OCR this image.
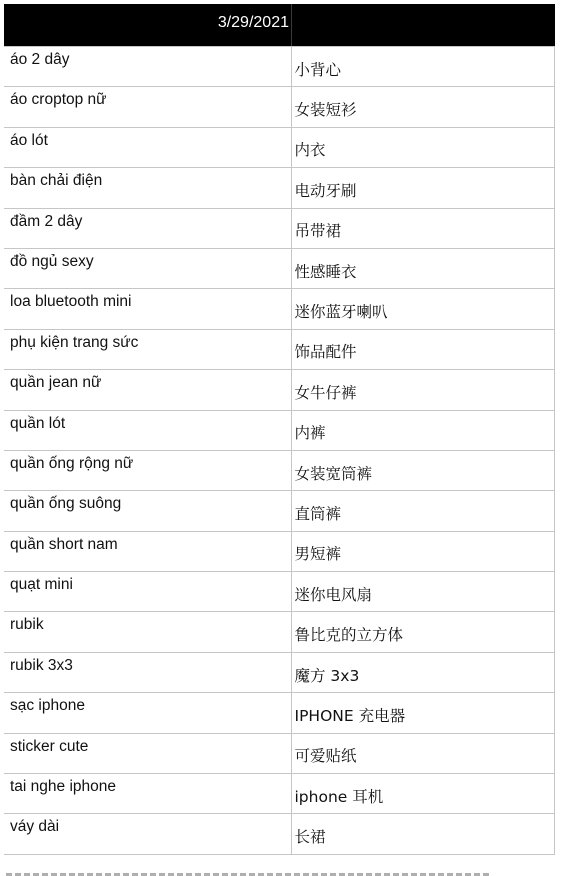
3/29/2021
áo 2 dây	小背心
áo croptop nữ	女装短衫
áo lót	内衣
bàn chải điện	电动牙刷
đầm 2 dây	吊带裙
đồ ngủ sexy	性感睡衣
loa bluetooth mini	迷你蓝牙喇叭
phụ kiện trang sức	饰品配件
quần jean nữ	女牛仔裤
quần lót	内裤
quần ống rộng nữ	女装宽筒裤
quần ống suông	直筒裤
quần short nam	男短裤
quạt mini	迷你电风扇
rubik	鲁比克的立方体
rubik 3x3	魔方 3x3
sạc iphone	IPHONE 充电器
sticker cute	可爱贴纸
tai nghe iphone	iphone 耳机
váy dài	长裙
